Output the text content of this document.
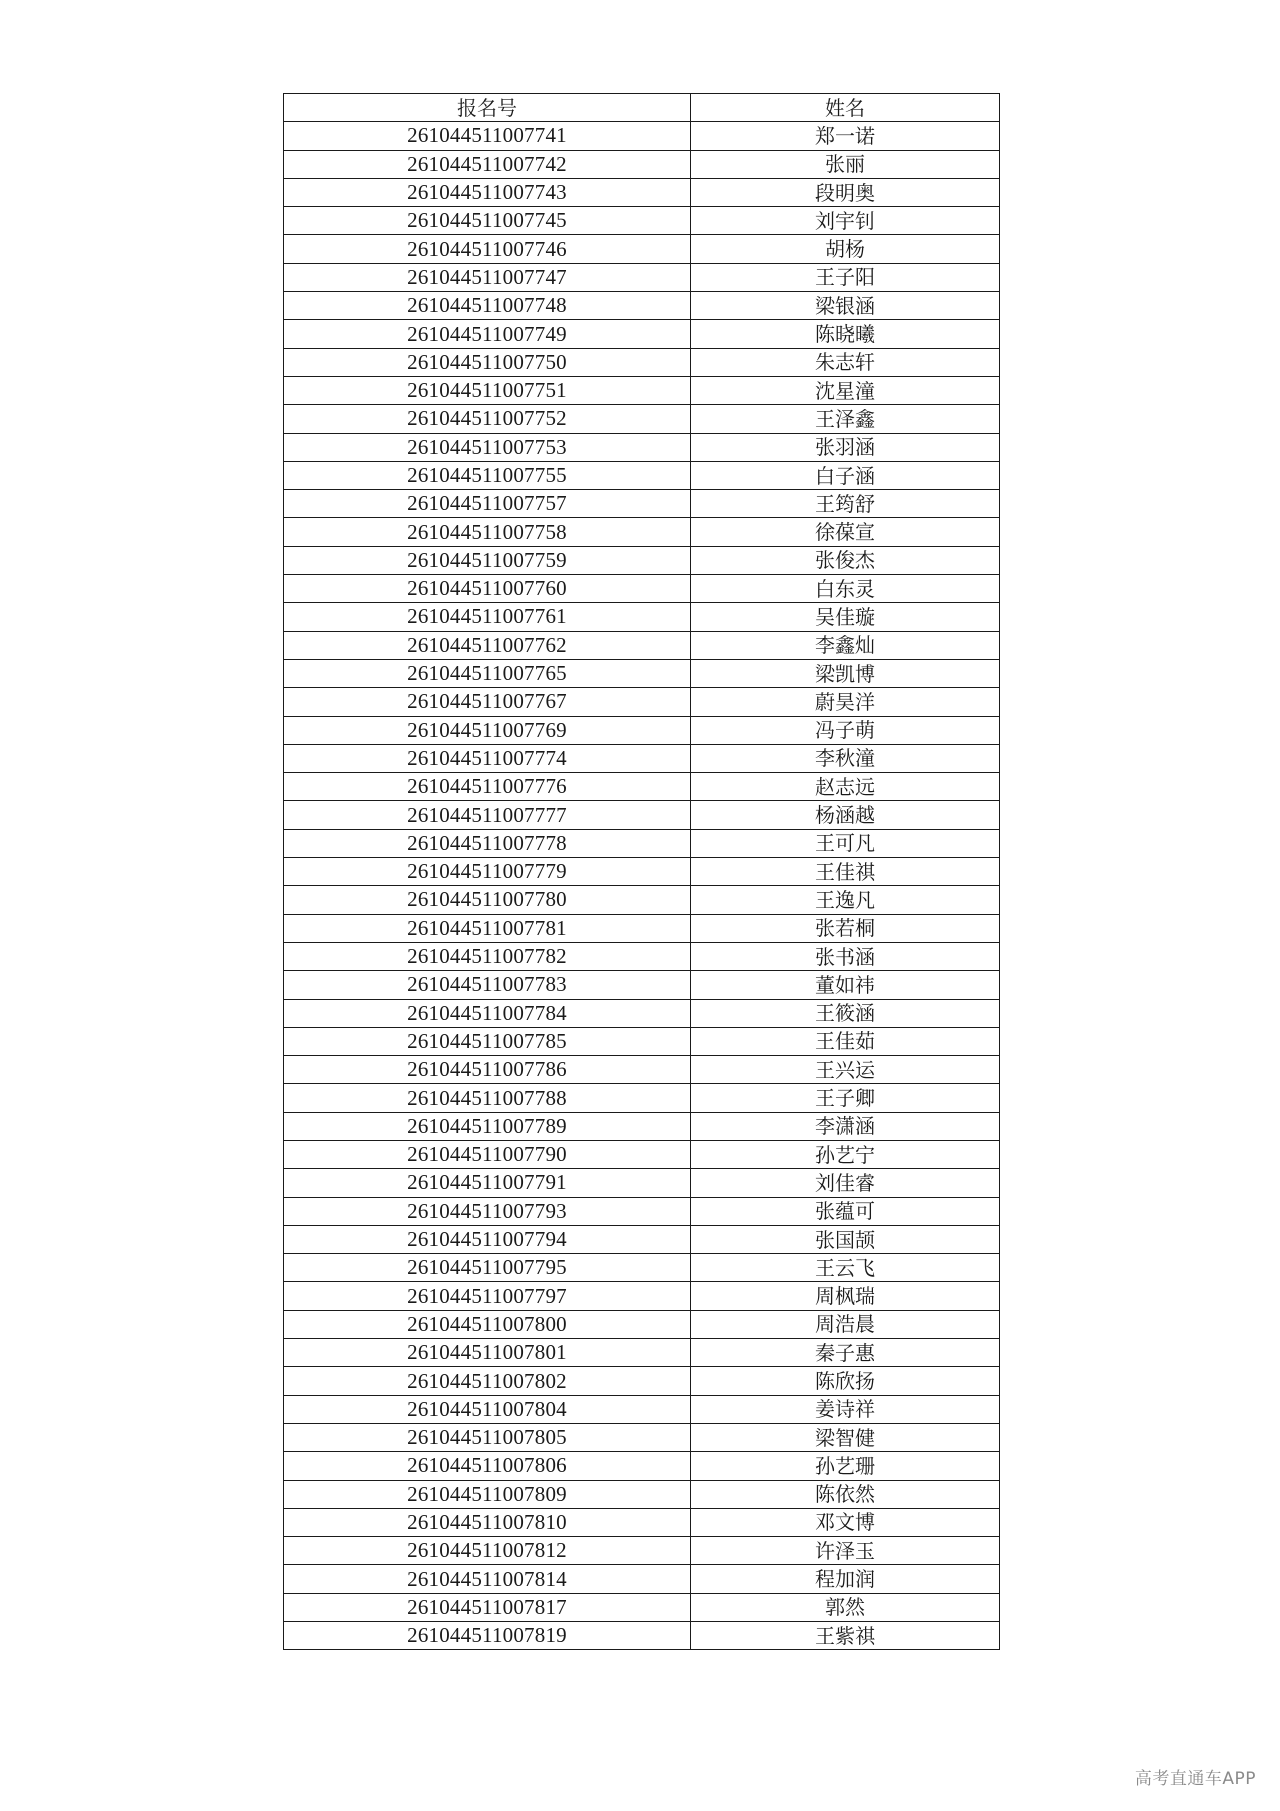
报名号	姓名
261044511007741	郑一诺
261044511007742	张丽
261044511007743	段明奥
261044511007745	刘宇钊
261044511007746	胡杨
261044511007747	王子阳
261044511007748	梁银涵
261044511007749	陈晓曦
261044511007750	朱志轩
261044511007751	沈星潼
261044511007752	王泽鑫
261044511007753	张羽涵
261044511007755	白子涵
261044511007757	王筠舒
261044511007758	徐葆宣
261044511007759	张俊杰
261044511007760	白东灵
261044511007761	吴佳璇
261044511007762	李鑫灿
261044511007765	梁凯博
261044511007767	蔚昊洋
261044511007769	冯子萌
261044511007774	李秋潼
261044511007776	赵志远
261044511007777	杨涵越
261044511007778	王可凡
261044511007779	王佳祺
261044511007780	王逸凡
261044511007781	张若桐
261044511007782	张书涵
261044511007783	董如祎
261044511007784	王筱涵
261044511007785	王佳茹
261044511007786	王兴运
261044511007788	王子卿
261044511007789	李潇涵
261044511007790	孙艺宁
261044511007791	刘佳睿
261044511007793	张蕴可
261044511007794	张国颉
261044511007795	王云飞
261044511007797	周枫瑞
261044511007800	周浩晨
261044511007801	秦子惠
261044511007802	陈欣扬
261044511007804	姜诗祥
261044511007805	梁智健
261044511007806	孙艺珊
261044511007809	陈依然
261044511007810	邓文博
261044511007812	许泽玉
261044511007814	程加润
261044511007817	郭然
261044511007819	王紫祺
高考直通车APP
